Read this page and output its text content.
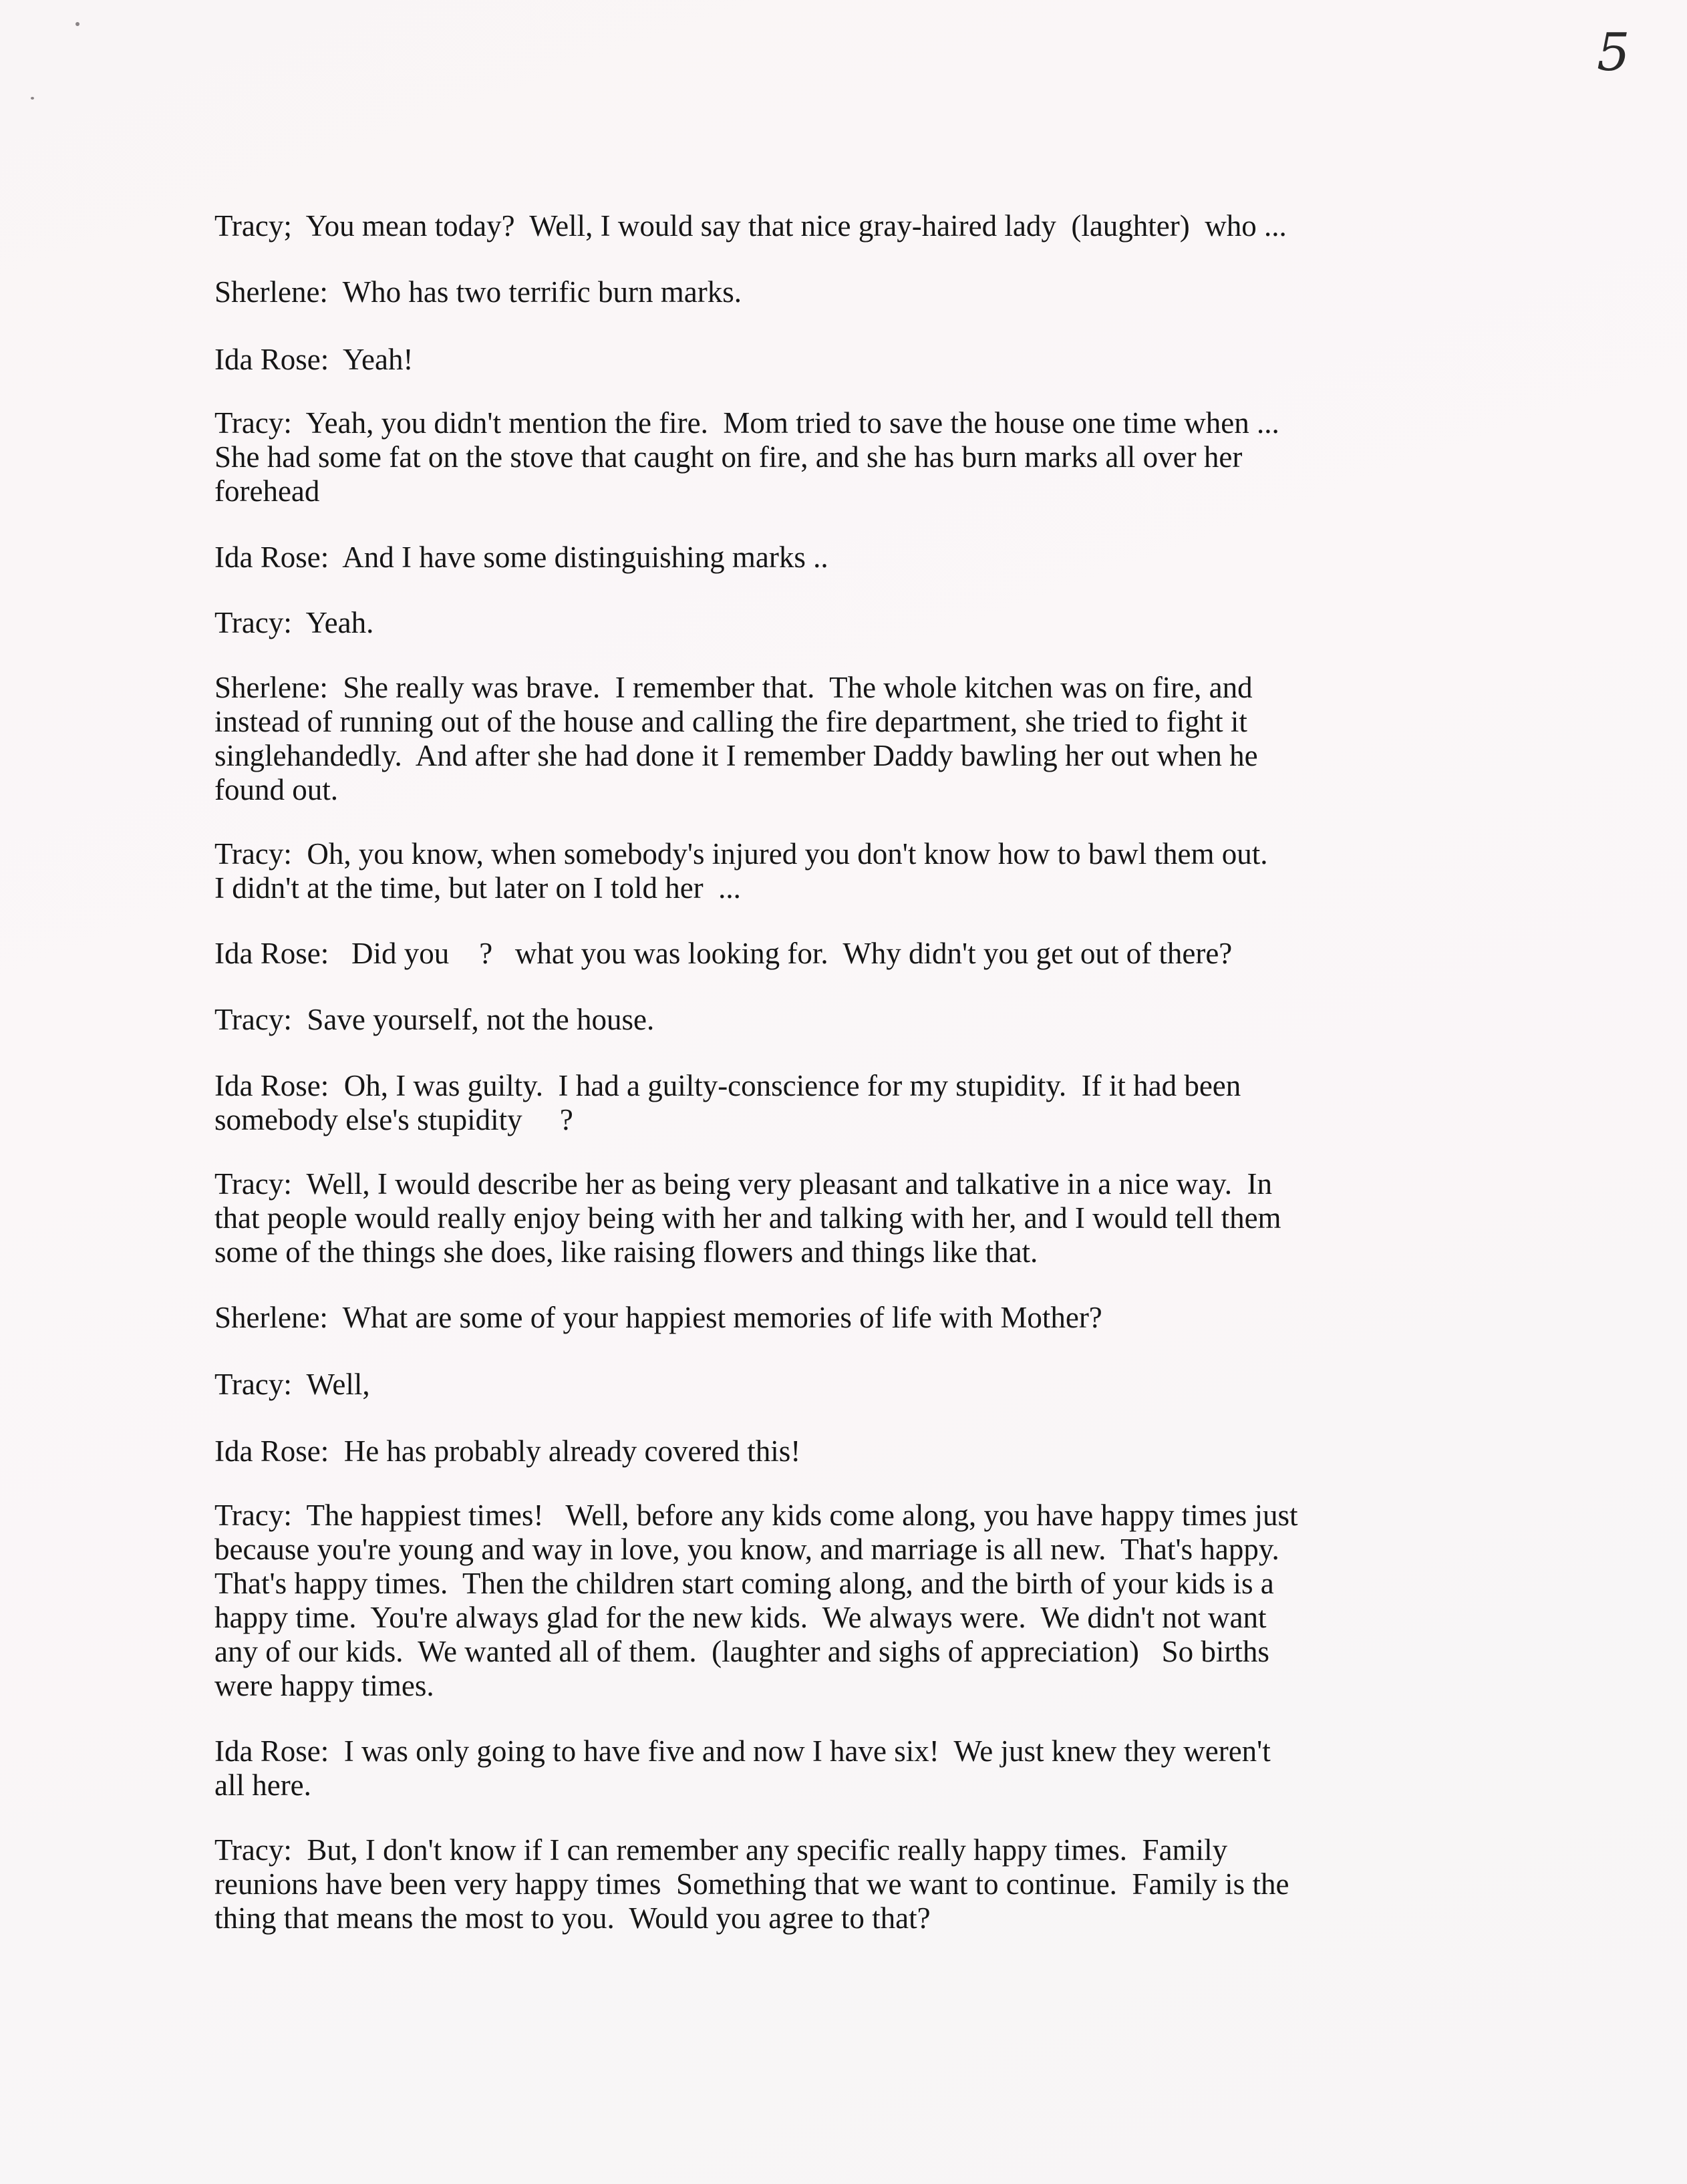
5

Tracy;  You mean today?  Well, I would say that nice gray-haired lady  (laughter)  who ...

Sherlene:  Who has two terrific burn marks.

Ida Rose:  Yeah!

Tracy:  Yeah, you didn't mention the fire.  Mom tried to save the house one time when ...
She had some fat on the stove that caught on fire, and she has burn marks all over her
forehead

Ida Rose:  And I have some distinguishing marks ..

Tracy:  Yeah.

Sherlene:  She really was brave.  I remember that.  The whole kitchen was on fire, and
instead of running out of the house and calling the fire department, she tried to fight it
singlehandedly.  And after she had done it I remember Daddy bawling her out when he
found out.

Tracy:  Oh, you know, when somebody's injured you don't know how to bawl them out.
I didn't at the time, but later on I told her  ...

Ida Rose:   Did you    ?   what you was looking for.  Why didn't you get out of there?

Tracy:  Save yourself, not the house.

Ida Rose:  Oh, I was guilty.  I had a guilty-conscience for my stupidity.  If it had been
somebody else's stupidity     ?

Tracy:  Well, I would describe her as being very pleasant and talkative in a nice way.  In
that people would really enjoy being with her and talking with her, and I would tell them
some of the things she does, like raising flowers and things like that.

Sherlene:  What are some of your happiest memories of life with Mother?

Tracy:  Well,

Ida Rose:  He has probably already covered this!

Tracy:  The happiest times!   Well, before any kids come along, you have happy times just
because you're young and way in love, you know, and marriage is all new.  That's happy.
That's happy times.  Then the children start coming along, and the birth of your kids is a
happy time.  You're always glad for the new kids.  We always were.  We didn't not want
any of our kids.  We wanted all of them.  (laughter and sighs of appreciation)   So births
were happy times.

Ida Rose:  I was only going to have five and now I have six!  We just knew they weren't
all here.

Tracy:  But, I don't know if I can remember any specific really happy times.  Family
reunions have been very happy times  Something that we want to continue.  Family is the
thing that means the most to you.  Would you agree to that?
